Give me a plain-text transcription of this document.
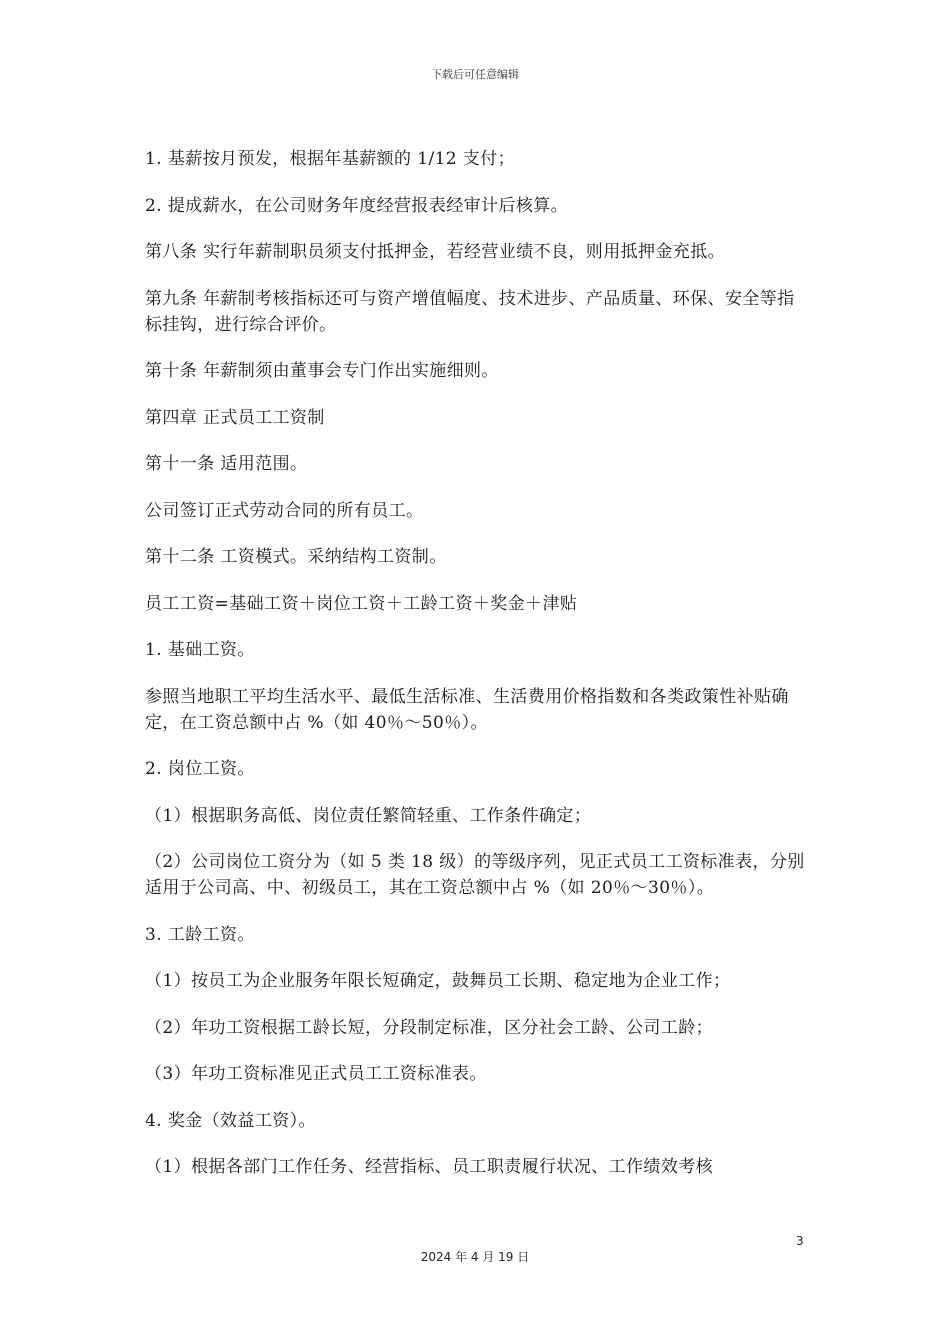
下载后可任意编辑

1. 基薪按月预发，根据年基薪额的 1/12 支付；

2. 提成薪水，在公司财务年度经营报表经审计后核算。

第八条 实行年薪制职员须支付抵押金，若经营业绩不良，则用抵押金充抵。

第九条 年薪制考核指标还可与资产增值幅度、技术进步、产品质量、环保、安全等指标挂钩，进行综合评价。

第十条 年薪制须由董事会专门作出实施细则。

第四章 正式员工工资制

第十一条 适用范围。

公司签订正式劳动合同的所有员工。

第十二条 工资模式。采纳结构工资制。

员工工资=基础工资＋岗位工资＋工龄工资＋奖金＋津贴

1. 基础工资。

参照当地职工平均生活水平、最低生活标准、生活费用价格指数和各类政策性补贴确定，在工资总额中占 %（如 40％～50％）。

2. 岗位工资。

（1）根据职务高低、岗位责任繁简轻重、工作条件确定；

（2）公司岗位工资分为（如 5 类 18 级）的等级序列，见正式员工工资标准表，分别适用于公司高、中、初级员工，其在工资总额中占 %（如 20％～30％）。

3. 工龄工资。

（1）按员工为企业服务年限长短确定，鼓舞员工长期、稳定地为企业工作；

（2）年功工资根据工龄长短，分段制定标准，区分社会工龄、公司工龄；

（3）年功工资标准见正式员工工资标准表。

4. 奖金（效益工资）。

（1）根据各部门工作任务、经营指标、员工职责履行状况、工作绩效考核

3
2024 年 4 月 19 日
